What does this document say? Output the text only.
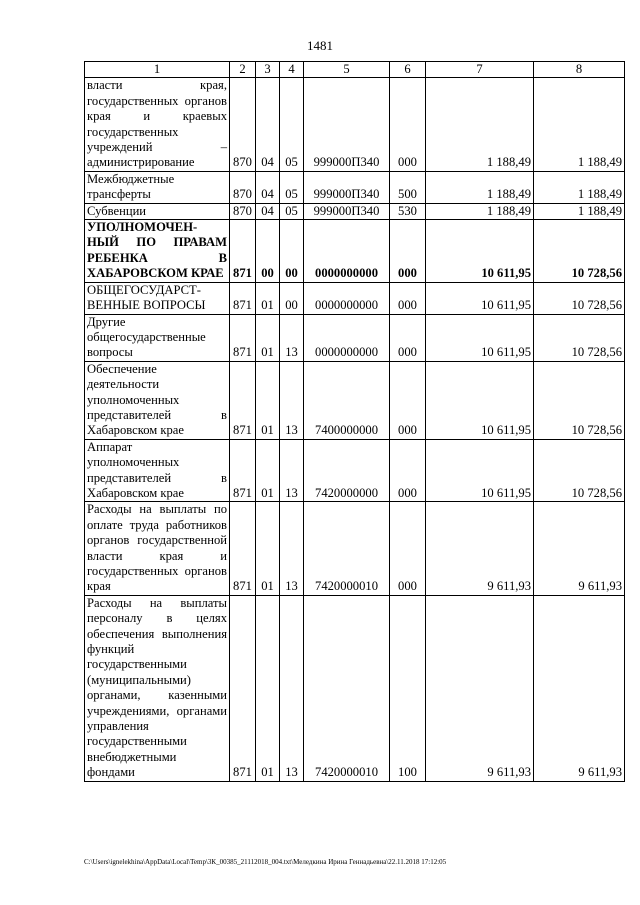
1481
1	2	3	4	5	6	7	8
власти края, государственных органов края и краевых государственных учреждений – администрирование	870	04	05	999000П340	000	1 188,49	1 188,49
Межбюджетные трансферты	870	04	05	999000П340	500	1 188,49	1 188,49
Субвенции	870	04	05	999000П340	530	1 188,49	1 188,49
УПОЛНОМОЧЕН-НЫЙ ПО ПРАВАМ РЕБЕНКА В ХАБАРОВСКОМ КРАЕ	871	00	00	0000000000	000	10 611,95	10 728,56
ОБЩЕГОСУДАРСТ-ВЕННЫЕ ВОПРОСЫ	871	01	00	0000000000	000	10 611,95	10 728,56
Другие общегосударственные вопросы	871	01	13	0000000000	000	10 611,95	10 728,56
Обеспечение деятельности уполномоченных представителей в Хабаровском крае	871	01	13	7400000000	000	10 611,95	10 728,56
Аппарат уполномоченных представителей в Хабаровском крае	871	01	13	7420000000	000	10 611,95	10 728,56
Расходы на выплаты по оплате труда работников органов государственной власти края и государственных органов края	871	01	13	7420000010	000	9 611,93	9 611,93
Расходы на выплаты персоналу в целях обеспечения выполнения функций государственными (муниципальными) органами, казенными учреждениями, органами управления государственными внебюджетными фондами	871	01	13	7420000010	100	9 611,93	9 611,93
C:\Users\ignelekhina\AppData\Local\Temp\3К_00385_21112018_004.txt\Меледкина Ирина Геннадьевна\22.11.2018 17:12:05
